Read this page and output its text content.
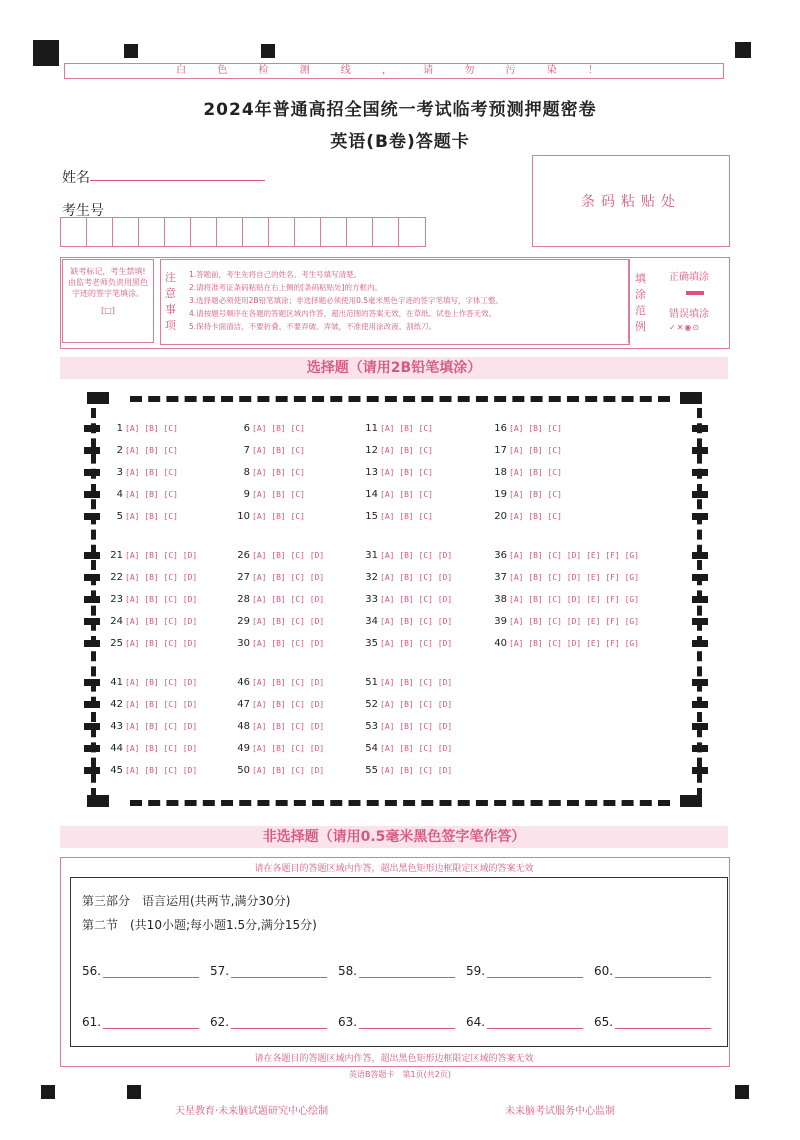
白 色 检 测 线 ， 请 勿 污 染 ！
2024年普通高招全国统一考试临考预测押题密卷
英语(B卷)答题卡
姓名
考生号
条码粘贴处
缺考标记，考生禁填!由监考老师负责用黑色字迹的签字笔填涂。
[□]
注意事项
1.答题前，考生先将自己的姓名、考生号填写清楚。
2.请将准考证条码粘贴在右上侧的[条码粘贴处]的方框内。
3.选择题必须使用2B铅笔填涂；非选择题必须使用0.5毫米黑色字迹的签字笔填写，字体工整。
4.请按题号顺序在各题的答题区域内作答，超出范围的答案无效，在草纸、试卷上作答无效。
5.保持卡面清洁，不要折叠、不要弄破、弄皱，不准使用涂改液、刮纸刀。
填涂范例
正确填涂
错误填涂
✓✕◉⊙
选择题（请用2B铅笔填涂）
1 [A] [B] [C]	6 [A] [B] [C]	11 [A] [B] [C]	16 [A] [B] [C]
2 [A] [B] [C]	7 [A] [B] [C]	12 [A] [B] [C]	17 [A] [B] [C]
3 [A] [B] [C]	8 [A] [B] [C]	13 [A] [B] [C]	18 [A] [B] [C]
4 [A] [B] [C]	9 [A] [B] [C]	14 [A] [B] [C]	19 [A] [B] [C]
5 [A] [B] [C]	10 [A] [B] [C]	15 [A] [B] [C]	20 [A] [B] [C]
21 [A] [B] [C] [D]	26 [A] [B] [C] [D]	31 [A] [B] [C] [D]	36 [A] [B] [C] [D] [E] [F] [G]
22 [A] [B] [C] [D]	27 [A] [B] [C] [D]	32 [A] [B] [C] [D]	37 [A] [B] [C] [D] [E] [F] [G]
23 [A] [B] [C] [D]	28 [A] [B] [C] [D]	33 [A] [B] [C] [D]	38 [A] [B] [C] [D] [E] [F] [G]
24 [A] [B] [C] [D]	29 [A] [B] [C] [D]	34 [A] [B] [C] [D]	39 [A] [B] [C] [D] [E] [F] [G]
25 [A] [B] [C] [D]	30 [A] [B] [C] [D]	35 [A] [B] [C] [D]	40 [A] [B] [C] [D] [E] [F] [G]
41 [A] [B] [C] [D]	46 [A] [B] [C] [D]	51 [A] [B] [C] [D]
42 [A] [B] [C] [D]	47 [A] [B] [C] [D]	52 [A] [B] [C] [D]
43 [A] [B] [C] [D]	48 [A] [B] [C] [D]	53 [A] [B] [C] [D]
44 [A] [B] [C] [D]	49 [A] [B] [C] [D]	54 [A] [B] [C] [D]
45 [A] [B] [C] [D]	50 [A] [B] [C] [D]	55 [A] [B] [C] [D]
非选择题（请用0.5毫米黑色签字笔作答）
请在各题目的答题区域内作答，超出黑色矩形边框限定区域的答案无效
第三部分　语言运用(共两节,满分30分)
第二节　(共10小题;每小题1.5分,满分15分)
56.	57.	58.	59.	60.
61.	62.	63.	64.	65.
请在各题目的答题区域内作答，超出黑色矩形边框限定区域的答案无效
英语B答题卡　第1页(共2页)
天星教育·未来脑试题研究中心绘制	未来脑考试服务中心监制
